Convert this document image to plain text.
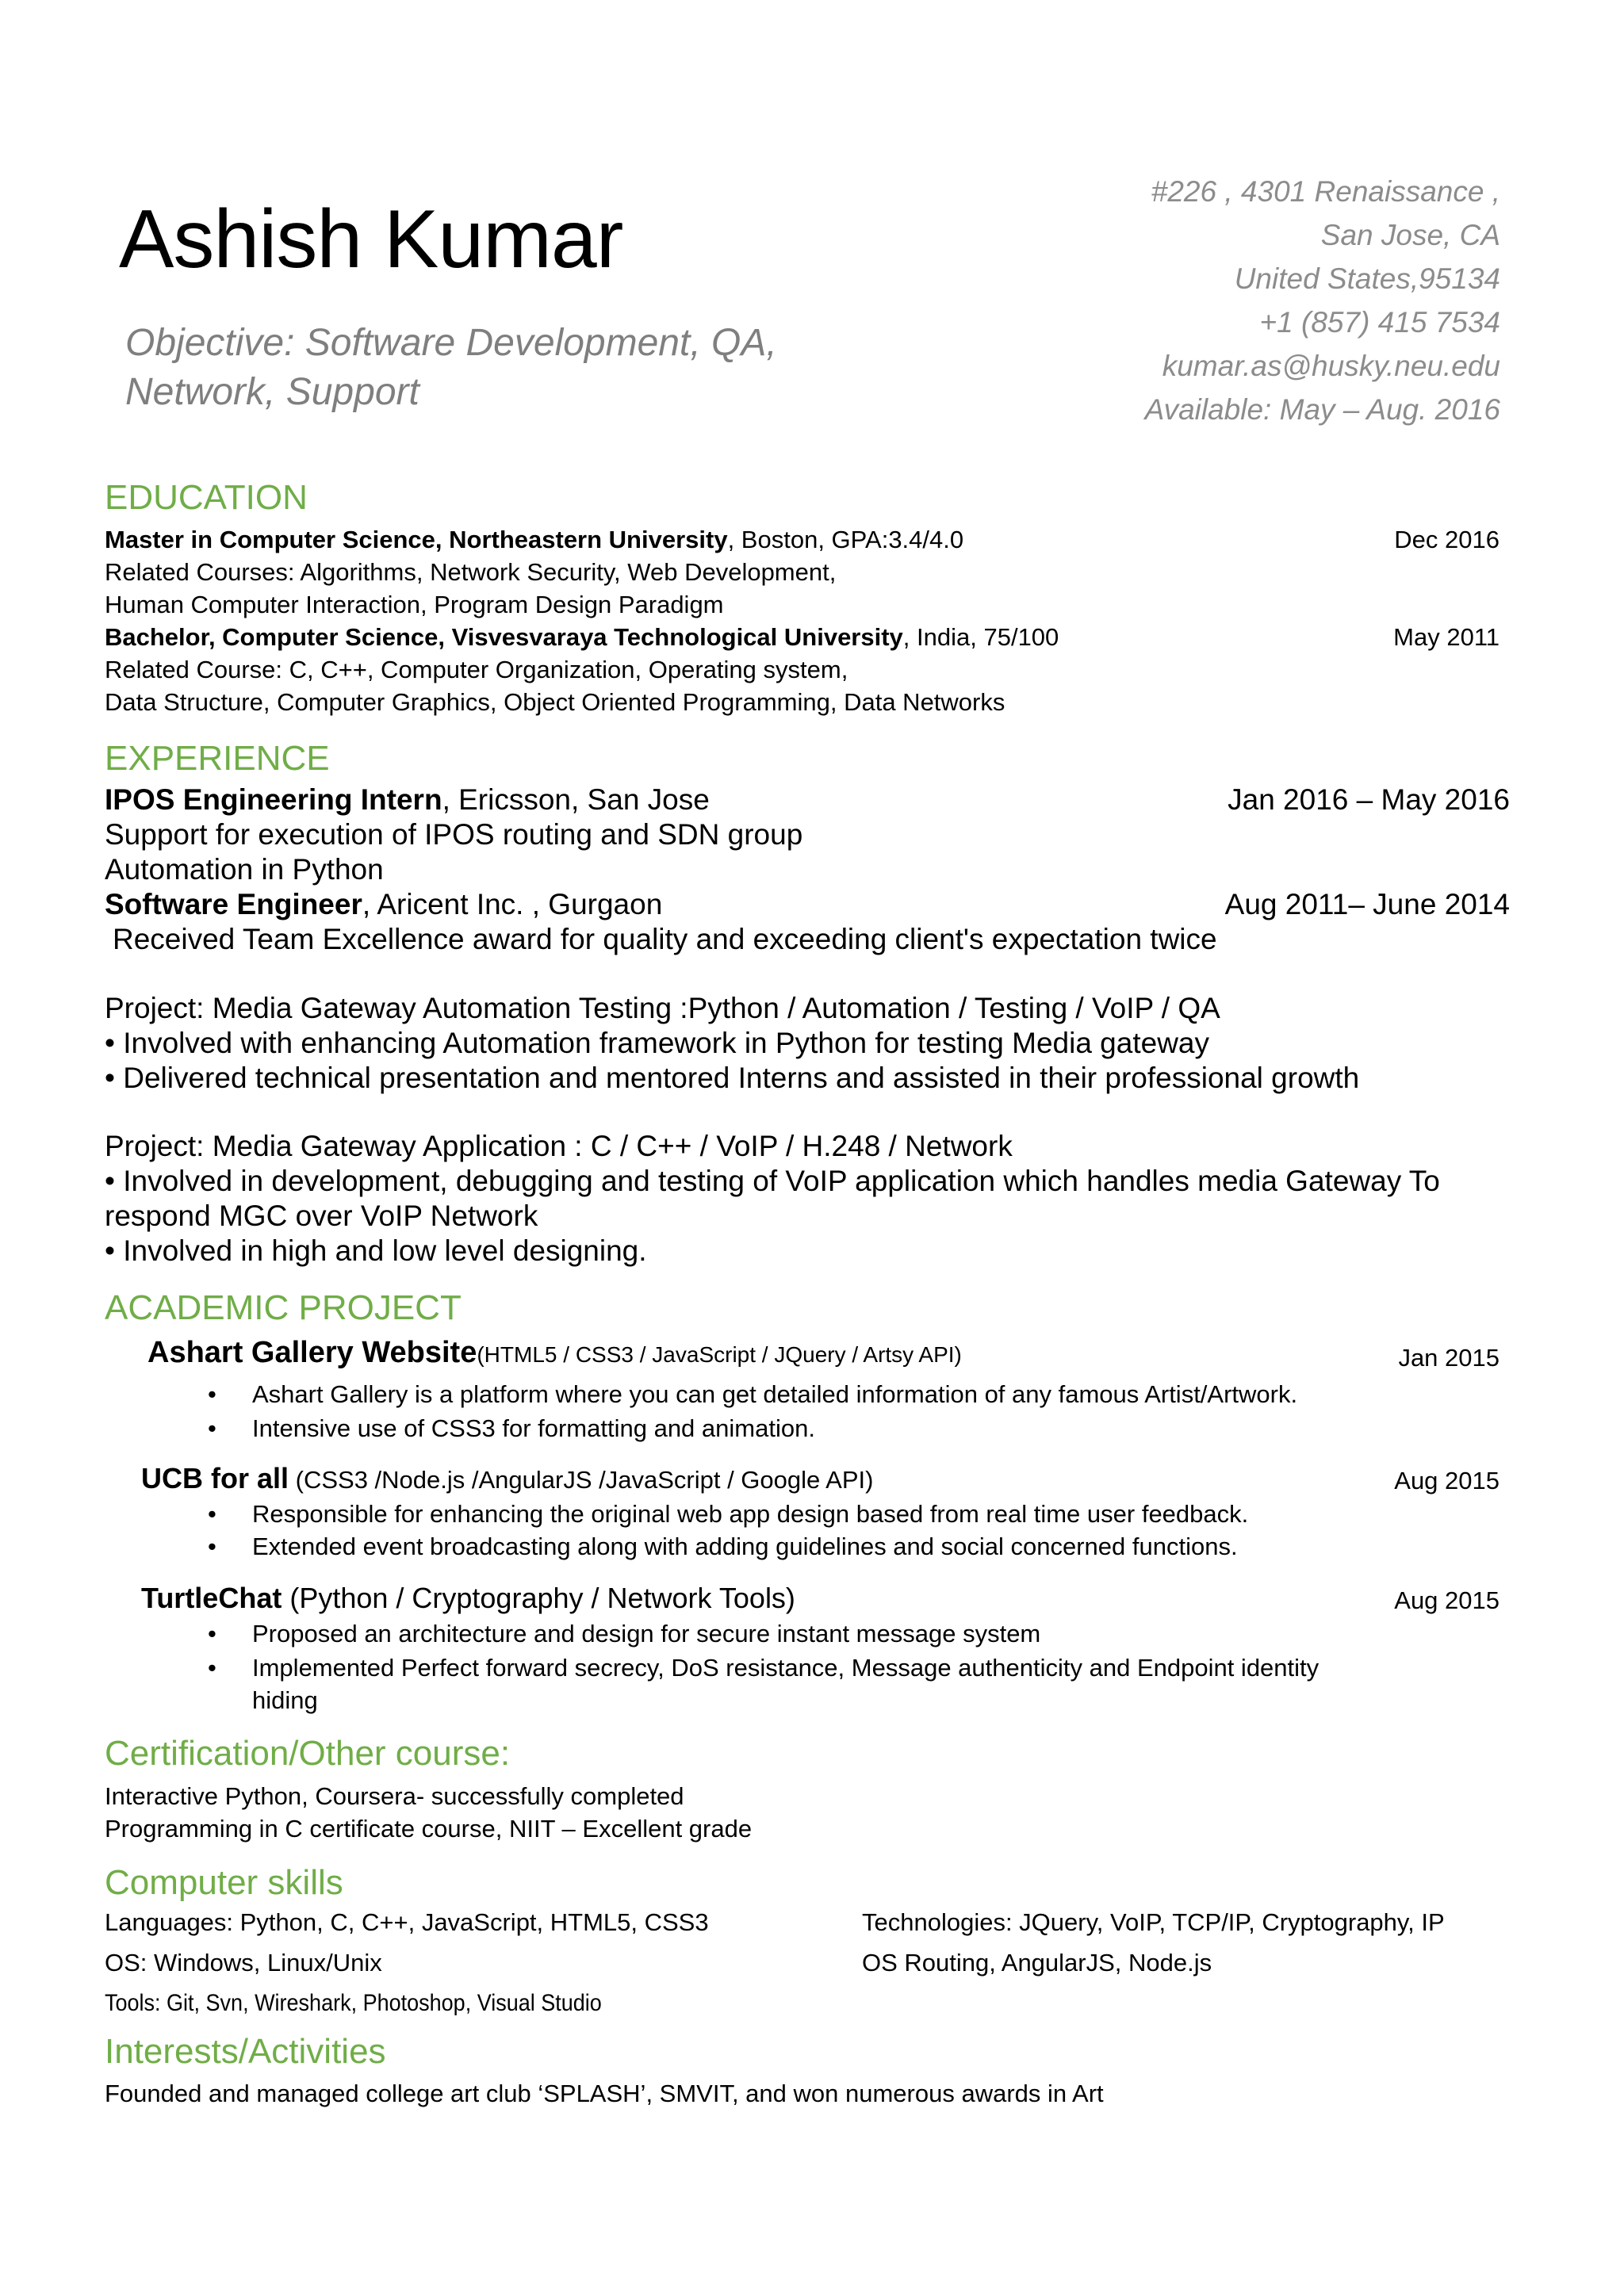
Ashish Kumar
Objective: Software Development, QA,
Network, Support
#226 , 4301 Renaissance ,
San Jose, CA
United States,95134
+1 (857) 415 7534
kumar.as@husky.neu.edu
Available: May – Aug. 2016
EDUCATION
Master in Computer Science, Northeastern University, Boston, GPA:3.4/4.0	Dec 2016
Related Courses: Algorithms, Network Security, Web Development,
Human Computer Interaction, Program Design Paradigm
Bachelor, Computer Science, Visvesvaraya Technological University, India, 75/100	May 2011
Related Course: C, C++, Computer Organization, Operating system,
Data Structure, Computer Graphics, Object Oriented Programming, Data Networks
EXPERIENCE
IPOS Engineering Intern, Ericsson, San Jose	Jan 2016 – May 2016
Support for execution of IPOS routing and SDN group
Automation in Python
Software Engineer, Aricent Inc. , Gurgaon	Aug 2011– June 2014
Received Team Excellence award for quality and exceeding client's expectation twice
Project: Media Gateway Automation Testing :Python / Automation / Testing / VoIP / QA
• Involved with enhancing Automation framework in Python for testing Media gateway
• Delivered technical presentation and mentored Interns and assisted in their professional growth
Project: Media Gateway Application : C / C++ / VoIP / H.248 / Network
• Involved in development, debugging and testing of VoIP application which handles media Gateway To
respond MGC over VoIP Network
• Involved in high and low level designing.
ACADEMIC PROJECT
Ashart Gallery Website(HTML5 / CSS3 / JavaScript / JQuery / Artsy API)	Jan 2015
• Ashart Gallery is a platform where you can get detailed information of any famous Artist/Artwork.
• Intensive use of CSS3 for formatting and animation.
UCB for all (CSS3 /Node.js /AngularJS /JavaScript / Google API)	Aug 2015
• Responsible for enhancing the original web app design based from real time user feedback.
• Extended event broadcasting along with adding guidelines and social concerned functions.
TurtleChat (Python / Cryptography / Network Tools)	Aug 2015
• Proposed an architecture and design for secure instant message system
• Implemented Perfect forward secrecy, DoS resistance, Message authenticity and Endpoint identity
hiding
Certification/Other course:
Interactive Python, Coursera- successfully completed
Programming in C certificate course, NIIT – Excellent grade
Computer skills
Languages: Python, C, C++, JavaScript, HTML5, CSS3	Technologies: JQuery, VoIP, TCP/IP, Cryptography, IP
OS: Windows, Linux/Unix	OS Routing, AngularJS, Node.js
Tools: Git, Svn, Wireshark, Photoshop, Visual Studio
Interests/Activities
Founded and managed college art club ‘SPLASH’, SMVIT, and won numerous awards in Art
